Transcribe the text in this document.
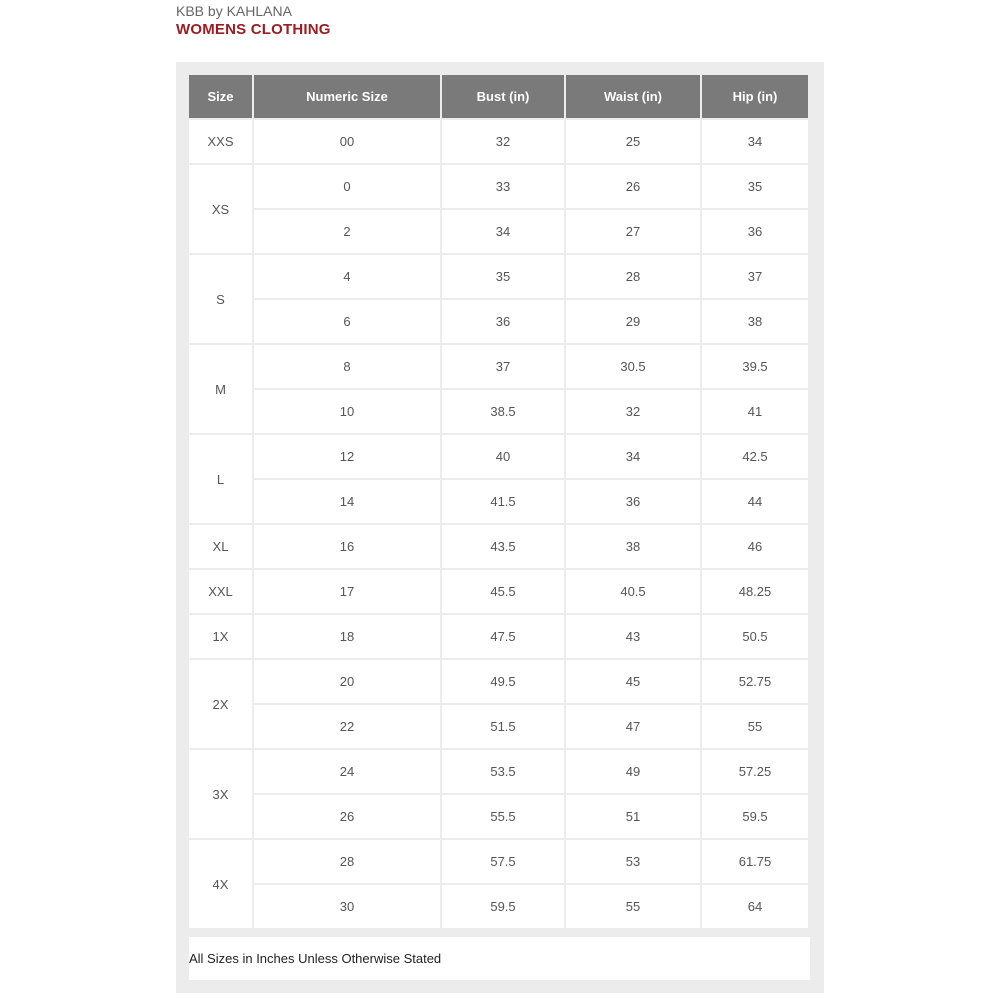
KBB by KAHLANA
WOMENS CLOTHING
Size	Numeric Size	Bust (in)	Waist (in)	Hip (in)
XXS	00	32	25	34
XS	0	33	26	35
	2	34	27	36
S	4	35	28	37
	6	36	29	38
M	8	37	30.5	39.5
	10	38.5	32	41
L	12	40	34	42.5
	14	41.5	36	44
XL	16	43.5	38	46
XXL	17	45.5	40.5	48.25
1X	18	47.5	43	50.5
2X	20	49.5	45	52.75
	22	51.5	47	55
3X	24	53.5	49	57.25
	26	55.5	51	59.5
4X	28	57.5	53	61.75
	30	59.5	55	64
All Sizes in Inches Unless Otherwise Stated
